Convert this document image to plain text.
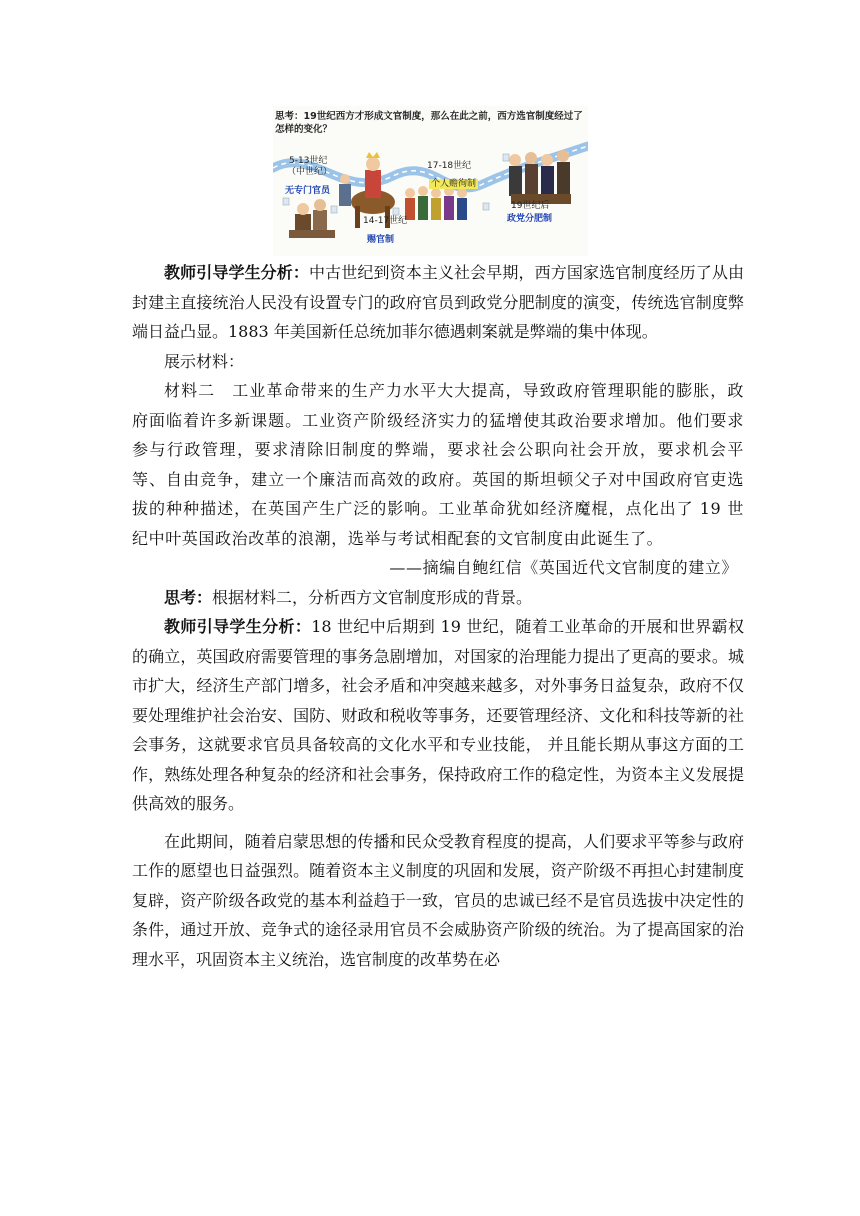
思考：19世纪西方才形成文官制度，那么在此之前，西方选官制度经过了怎样的变化？
5-13世纪
（中世纪）
无专门官员
14-17世纪
赐官制
17-18世纪
个人赡徇制
19世纪后
政党分肥制

教师引导学生分析：中古世纪到资本主义社会早期，西方国家选官制度经历了从由封建主直接统治人民没有设置专门的政府官员到政党分肥制度的演变，传统选官制度弊端日益凸显。1883 年美国新任总统加菲尔德遇刺案就是弊端的集中体现。

展示材料：

材料二  工业革命带来的生产力水平大大提高，导致政府管理职能的膨胀，政府面临着许多新课题。工业资产阶级经济实力的猛增使其政治要求增加。他们要求参与行政管理，要求清除旧制度的弊端，要求社会公职向社会开放，要求机会平等、自由竞争，建立一个廉洁而高效的政府。英国的斯坦顿父子对中国政府官吏选拔的种种描述，在英国产生广泛的影响。工业革命犹如经济魔棍，点化出了 19 世纪中叶英国政治改革的浪潮，选举与考试相配套的文官制度由此诞生了。

——摘编自鲍红信《英国近代文官制度的建立》

思考：根据材料二，分析西方文官制度形成的背景。

教师引导学生分析：18 世纪中后期到 19 世纪，随着工业革命的开展和世界霸权的确立，英国政府需要管理的事务急剧增加，对国家的治理能力提出了更高的要求。城市扩大，经济生产部门增多，社会矛盾和冲突越来越多，对外事务日益复杂，政府不仅要处理维护社会治安、国防、财政和税收等事务，还要管理经济、文化和科技等新的社会事务，这就要求官员具备较高的文化水平和专业技能， 并且能长期从事这方面的工作，熟练处理各种复杂的经济和社会事务，保持政府工作的稳定性，为资本主义发展提供高效的服务。

在此期间，随着启蒙思想的传播和民众受教育程度的提高，人们要求平等参与政府工作的愿望也日益强烈。随着资本主义制度的巩固和发展，资产阶级不再担心封建制度复辟，资产阶级各政党的基本利益趋于一致，官员的忠诚已经不是官员选拔中决定性的条件，通过开放、竞争式的途径录用官员不会威胁资产阶级的统治。为了提高国家的治理水平，巩固资本主义统治，选官制度的改革势在必
